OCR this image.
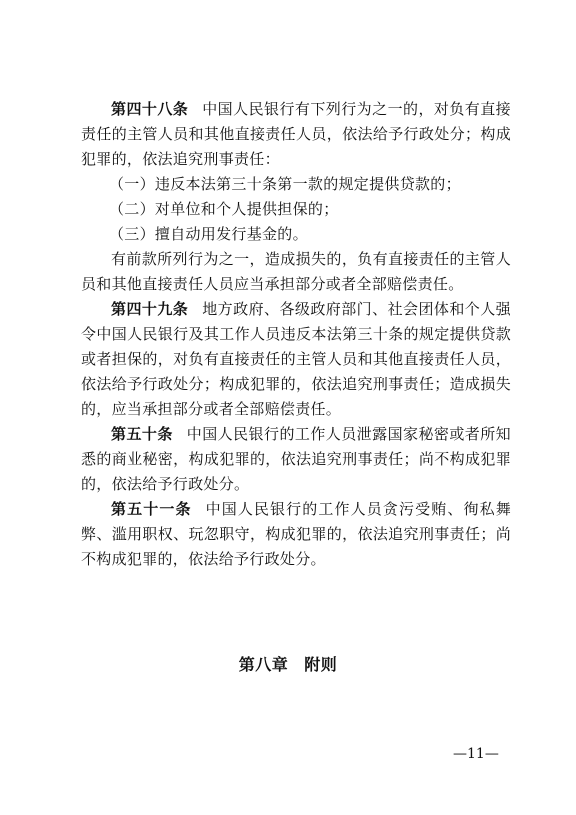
第四十八条 中国人民银行有下列行为之一的，对负有直接责任的主管人员和其他直接责任人员，依法给予行政处分；构成犯罪的，依法追究刑事责任：

（一）违反本法第三十条第一款的规定提供贷款的；

（二）对单位和个人提供担保的；

（三）擅自动用发行基金的。

有前款所列行为之一，造成损失的，负有直接责任的主管人员和其他直接责任人员应当承担部分或者全部赔偿责任。

第四十九条 地方政府、各级政府部门、社会团体和个人强令中国人民银行及其工作人员违反本法第三十条的规定提供贷款或者担保的，对负有直接责任的主管人员和其他直接责任人员，依法给予行政处分；构成犯罪的，依法追究刑事责任；造成损失的，应当承担部分或者全部赔偿责任。

第五十条 中国人民银行的工作人员泄露国家秘密或者所知悉的商业秘密，构成犯罪的，依法追究刑事责任；尚不构成犯罪的，依法给予行政处分。

第五十一条 中国人民银行的工作人员贪污受贿、徇私舞弊、滥用职权、玩忽职守，构成犯罪的，依法追究刑事责任；尚不构成犯罪的，依法给予行政处分。

第八章 附则
—11—
